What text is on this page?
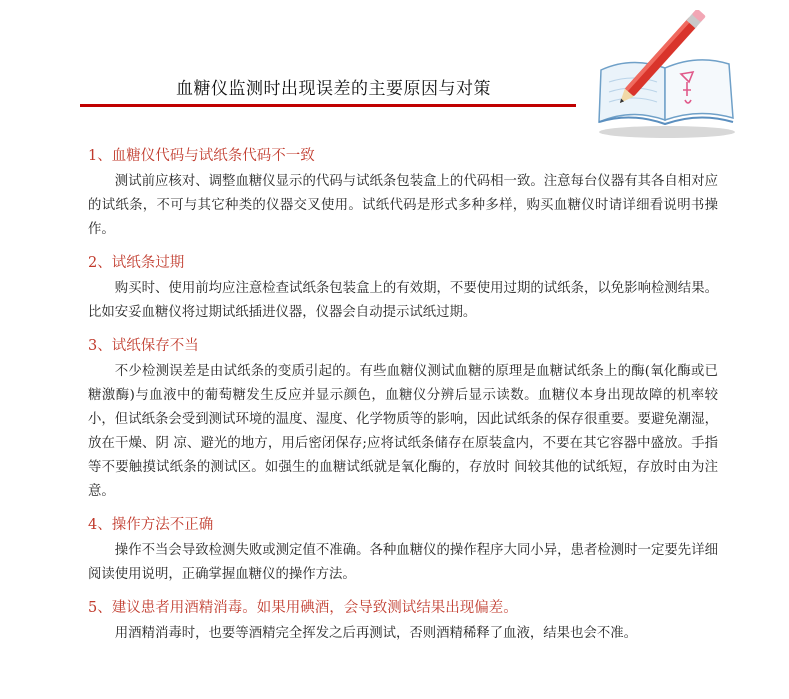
血糖仪监测时出现误差的主要原因与对策
1、血糖仪代码与试纸条代码不一致
测试前应核对、调整血糖仪显示的代码与试纸条包装盒上的代码相一致。注意每台仪器有其各自相对应的试纸条，不可与其它种类的仪器交叉使用。试纸代码是形式多种多样，购买血糖仪时请详细看说明书操作。
2、试纸条过期
购买时、使用前均应注意检查试纸条包装盒上的有效期，不要使用过期的试纸条，以免影响检测结果。比如安妥血糖仪将过期试纸插进仪器，仪器会自动提示试纸过期。
3、试纸保存不当
不少检测误差是由试纸条的变质引起的。有些血糖仪测试血糖的原理是血糖试纸条上的酶(氧化酶或已糖激酶)与血液中的葡萄糖发生反应并显示颜色，血糖仪分辨后显示读数。血糖仪本身出现故障的机率较小，但试纸条会受到测试环境的温度、湿度、化学物质等的影响，因此试纸条的保存很重要。要避免潮湿，放在干燥、阴 凉、避光的地方，用后密闭保存;应将试纸条储存在原装盒内，不要在其它容器中盛放。手指等不要触摸试纸条的测试区。如强生的血糖试纸就是氧化酶的，存放时 间较其他的试纸短，存放时由为注意。
4、操作方法不正确
操作不当会导致检测失败或测定值不准确。各种血糖仪的操作程序大同小异，患者检测时一定要先详细阅读使用说明，正确掌握血糖仪的操作方法。
5、建议患者用酒精消毒。如果用碘酒，会导致测试结果出现偏差。
用酒精消毒时，也要等酒精完全挥发之后再测试，否则酒精稀释了血液，结果也会不准。
